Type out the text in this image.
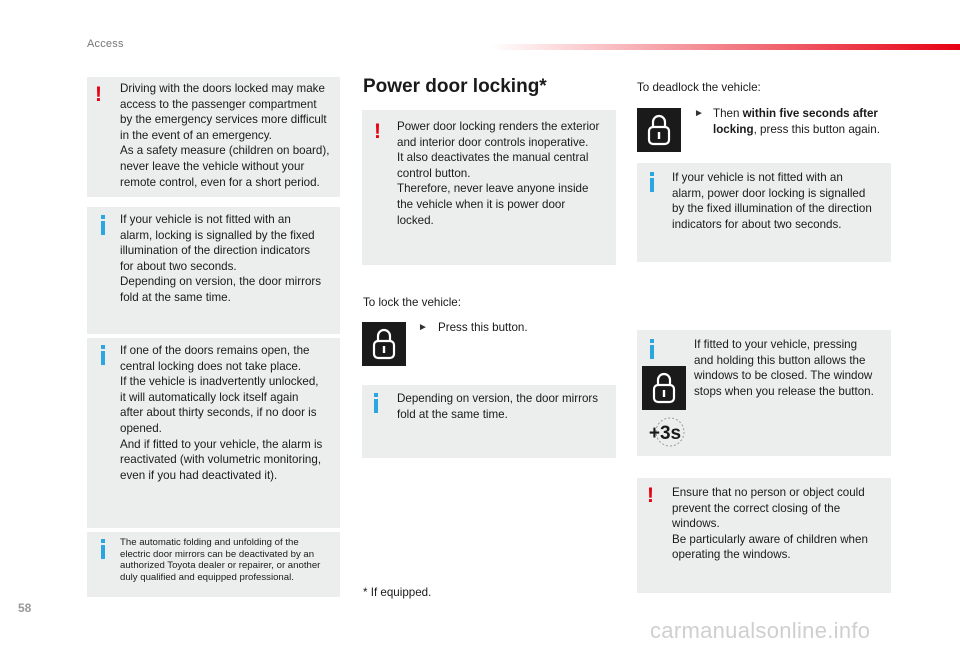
Access
! Driving with the doors locked may make
access to the passenger compartment
by the emergency services more difficult
in the event of an emergency.
As a safety measure (children on board),
never leave the vehicle without your
remote control, even for a short period.
If your vehicle is not fitted with an
alarm, locking is signalled by the fixed
illumination of the direction indicators
for about two seconds.
Depending on version, the door mirrors
fold at the same time.
If one of the doors remains open, the
central locking does not take place.
If the vehicle is inadvertently unlocked,
it will automatically lock itself again
after about thirty seconds, if no door is
opened.
And if fitted to your vehicle, the alarm is
reactivated (with volumetric monitoring,
even if you had deactivated it).
The automatic folding and unfolding of the
electric door mirrors can be deactivated by an
authorized Toyota dealer or repairer, or another
duly qualified and equipped professional.
Power door locking*
! Power door locking renders the exterior
and interior door controls inoperative.
It also deactivates the manual central
control button.
Therefore, never leave anyone inside
the vehicle when it is power door
locked.
To lock the vehicle:
► Press this button.
Depending on version, the door mirrors
fold at the same time.
* If equipped.
To deadlock the vehicle:
► Then within five seconds after
locking, press this button again.
If your vehicle is not fitted with an
alarm, power door locking is signalled
by the fixed illumination of the direction
indicators for about two seconds.
If fitted to your vehicle, pressing
and holding this button allows the
windows to be closed. The window
stops when you release the button.
+3s
! Ensure that no person or object could
prevent the correct closing of the
windows.
Be particularly aware of children when
operating the windows.
58
carmanualsonline.info
